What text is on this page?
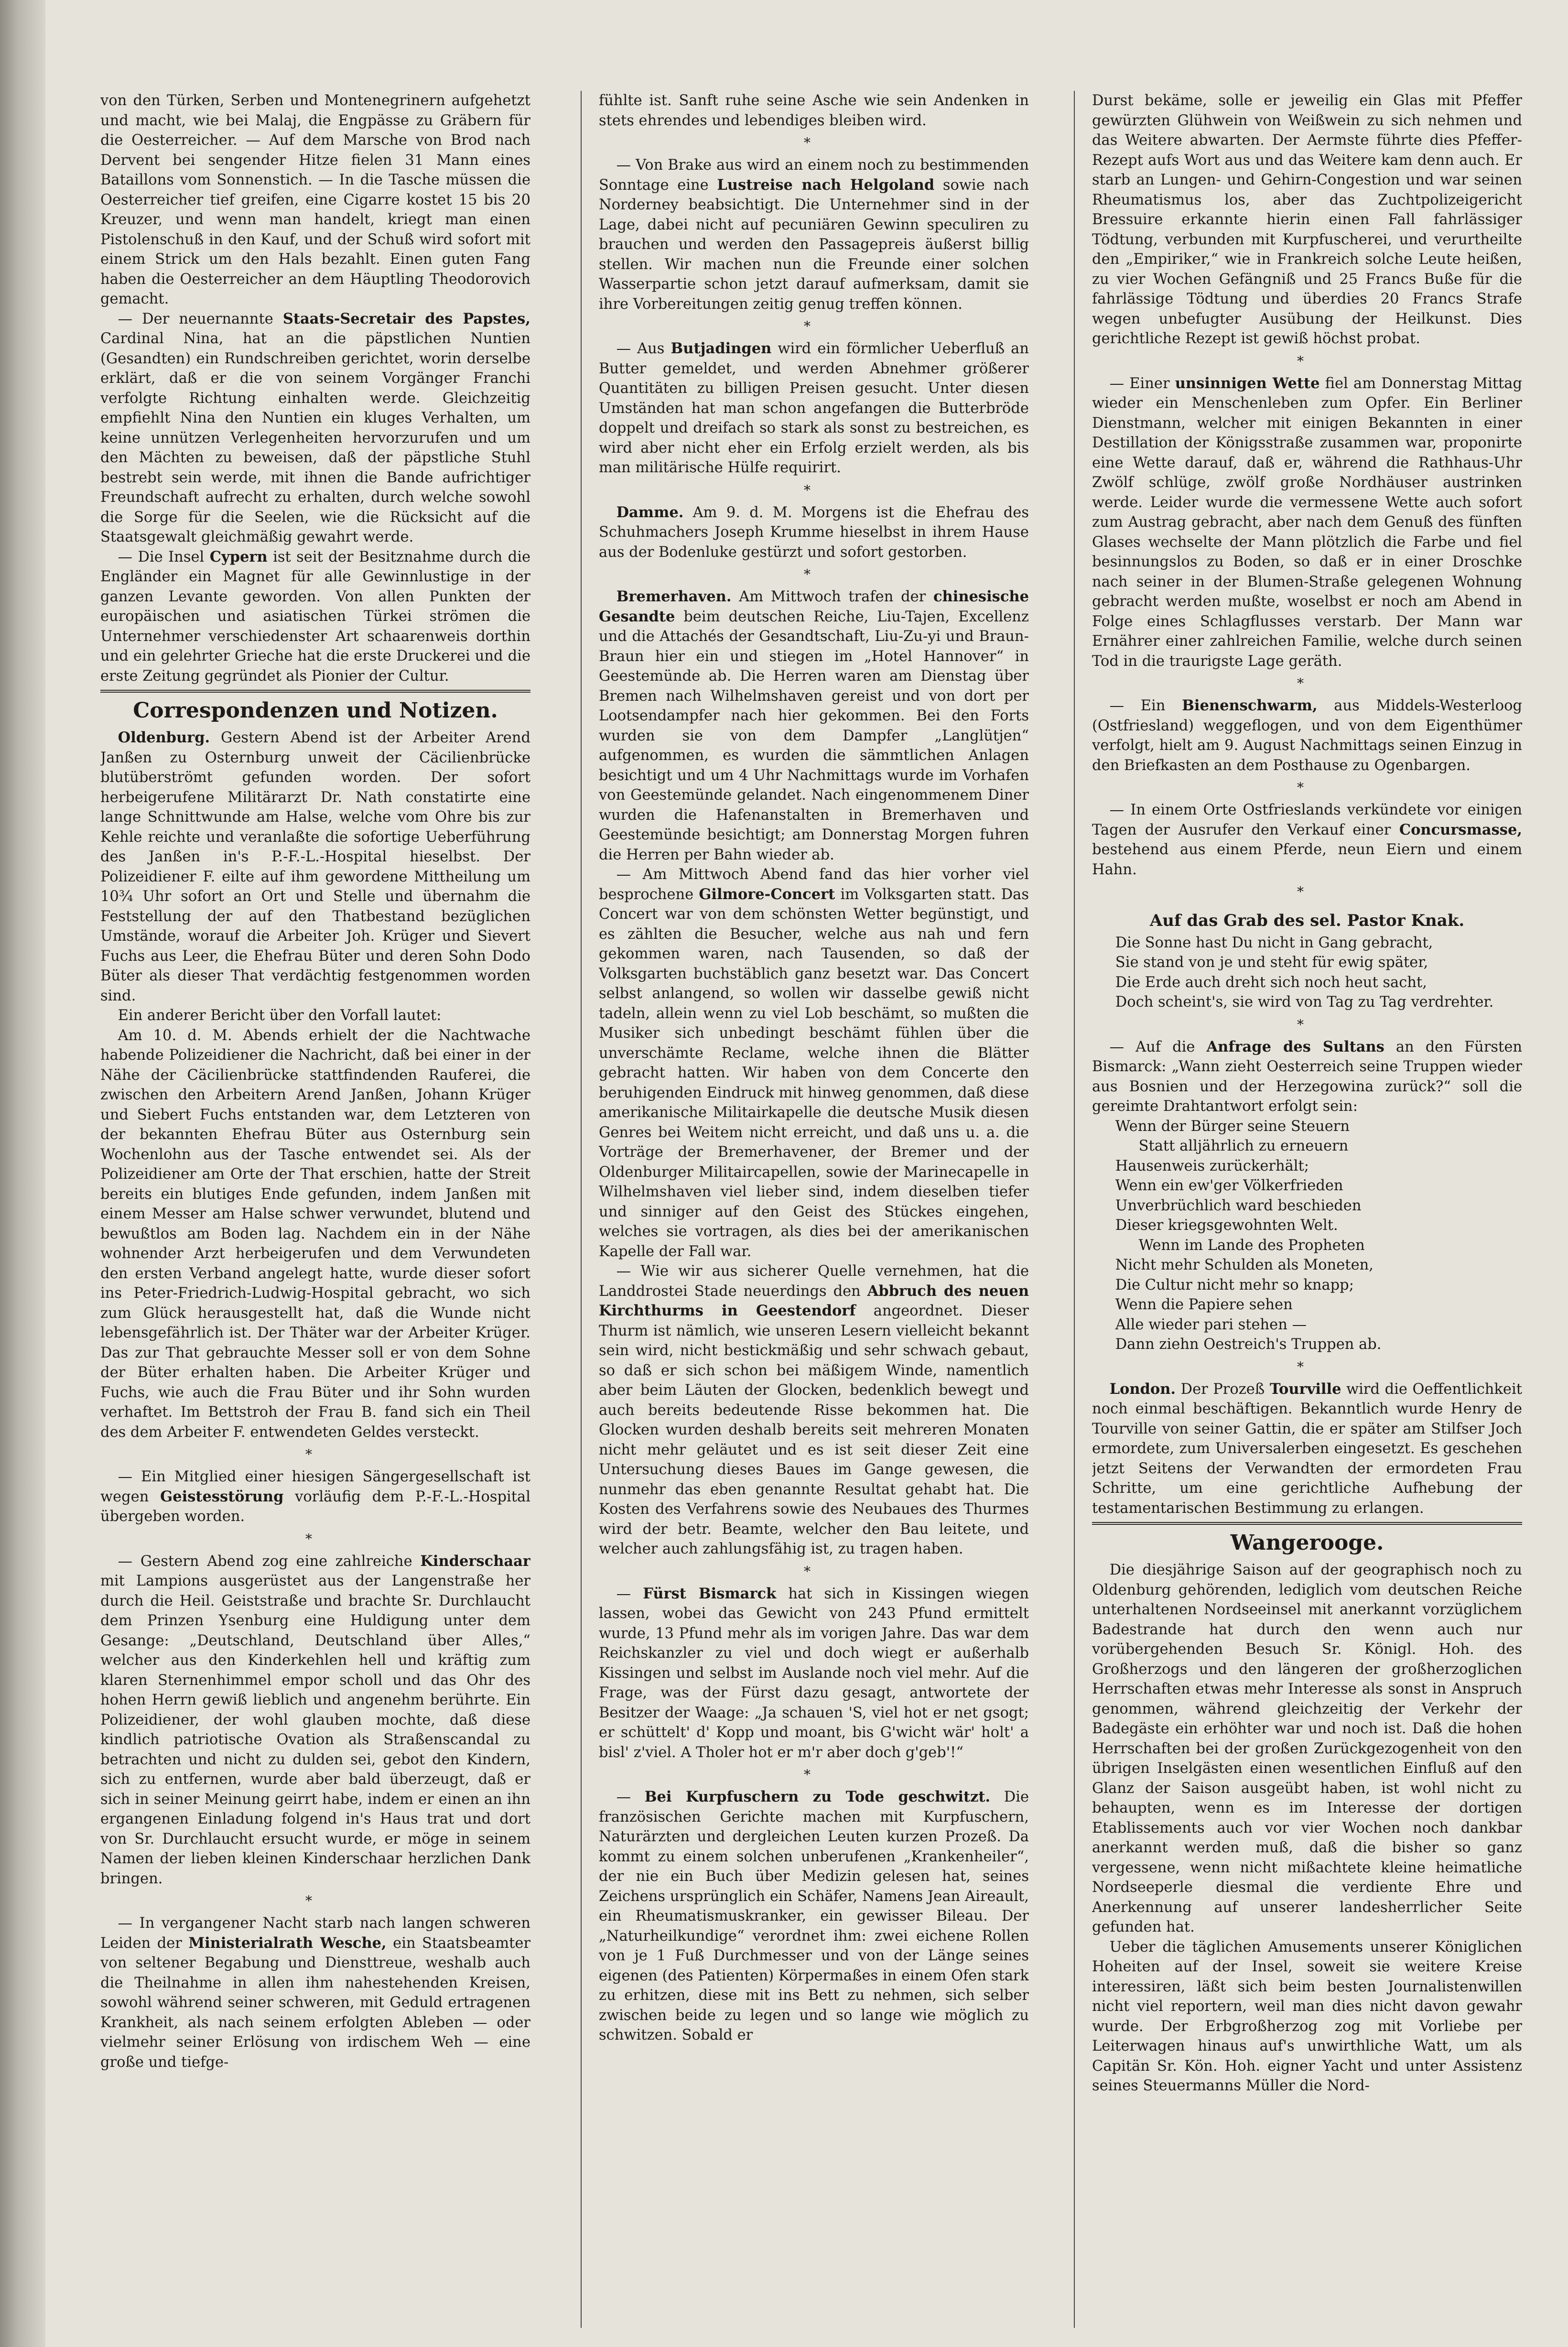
von den Türken, Serben und Montenegrinern aufgehetzt und macht, wie bei Malaj, die Engpässe zu Gräbern für die Oesterreicher. — Auf dem Marsche von Brod nach Dervent bei sengender Hitze fielen 31 Mann eines Bataillons vom Sonnenstich. — In die Tasche müssen die Oesterreicher tief greifen, eine Cigarre kostet 15 bis 20 Kreuzer, und wenn man handelt, kriegt man einen Pistolenschuß in den Kauf, und der Schuß wird sofort mit einem Strick um den Hals bezahlt. Einen guten Fang haben die Oesterreicher an dem Häuptling Theodorovich gemacht.

— Der neuernannte Staats-Secretair des Papstes, Cardinal Nina, hat an die päpstlichen Nuntien (Gesandten) ein Rundschreiben gerichtet, worin derselbe erklärt, daß er die von seinem Vorgänger Franchi verfolgte Richtung einhalten werde. Gleichzeitig empfiehlt Nina den Nuntien ein kluges Verhalten, um keine unnützen Verlegenheiten hervorzurufen und um den Mächten zu beweisen, daß der päpstliche Stuhl bestrebt sein werde, mit ihnen die Bande aufrichtiger Freundschaft aufrecht zu erhalten, durch welche sowohl die Sorge für die Seelen, wie die Rücksicht auf die Staatsgewalt gleichmäßig gewahrt werde.

— Die Insel Cypern ist seit der Besitznahme durch die Engländer ein Magnet für alle Gewinnlustige in der ganzen Levante geworden. Von allen Punkten der europäischen und asiatischen Türkei strömen die Unternehmer verschiedenster Art schaarenweis dorthin und ein gelehrter Grieche hat die erste Druckerei und die erste Zeitung gegründet als Pionier der Cultur.

Correspondenzen und Notizen.

Oldenburg. Gestern Abend ist der Arbeiter Arend Janßen zu Osternburg unweit der Cäcilienbrücke blutüberströmt gefunden worden. Der sofort herbeigerufene Militärarzt Dr. Nath constatirte eine lange Schnittwunde am Halse, welche vom Ohre bis zur Kehle reichte und veranlaßte die sofortige Ueberführung des Janßen in's P.-F.-L.-Hospital hieselbst. Der Polizeidiener F. eilte auf ihm gewordene Mittheilung um 10¾ Uhr sofort an Ort und Stelle und übernahm die Feststellung der auf den Thatbestand bezüglichen Umstände, worauf die Arbeiter Joh. Krüger und Sievert Fuchs aus Leer, die Ehefrau Büter und deren Sohn Dodo Büter als dieser That verdächtig festgenommen worden sind.

Ein anderer Bericht über den Vorfall lautet:

Am 10. d. M. Abends erhielt der die Nachtwache habende Polizeidiener die Nachricht, daß bei einer in der Nähe der Cäcilienbrücke stattfindenden Rauferei, die zwischen den Arbeitern Arend Janßen, Johann Krüger und Siebert Fuchs entstanden war, dem Letzteren von der bekannten Ehefrau Büter aus Osternburg sein Wochenlohn aus der Tasche entwendet sei. Als der Polizeidiener am Orte der That erschien, hatte der Streit bereits ein blutiges Ende gefunden, indem Janßen mit einem Messer am Halse schwer verwundet, blutend und bewußtlos am Boden lag. Nachdem ein in der Nähe wohnender Arzt herbeigerufen und dem Verwundeten den ersten Verband angelegt hatte, wurde dieser sofort ins Peter-Friedrich-Ludwig-Hospital gebracht, wo sich zum Glück herausgestellt hat, daß die Wunde nicht lebensgefährlich ist. Der Thäter war der Arbeiter Krüger. Das zur That gebrauchte Messer soll er von dem Sohne der Büter erhalten haben. Die Arbeiter Krüger und Fuchs, wie auch die Frau Büter und ihr Sohn wurden verhaftet. Im Bettstroh der Frau B. fand sich ein Theil des dem Arbeiter F. entwendeten Geldes versteckt.

*

— Ein Mitglied einer hiesigen Sängergesellschaft ist wegen Geistesstörung vorläufig dem P.-F.-L.-Hospital übergeben worden.

*

— Gestern Abend zog eine zahlreiche Kinderschaar mit Lampions ausgerüstet aus der Langenstraße her durch die Heil. Geiststraße und brachte Sr. Durchlaucht dem Prinzen Ysenburg eine Huldigung unter dem Gesange: „Deutschland, Deutschland über Alles,“ welcher aus den Kinderkehlen hell und kräftig zum klaren Sternenhimmel empor scholl und das Ohr des hohen Herrn gewiß lieblich und angenehm berührte. Ein Polizeidiener, der wohl glauben mochte, daß diese kindlich patriotische Ovation als Straßenscandal zu betrachten und nicht zu dulden sei, gebot den Kindern, sich zu entfernen, wurde aber bald überzeugt, daß er sich in seiner Meinung geirrt habe, indem er einen an ihn ergangenen Einladung folgend in's Haus trat und dort von Sr. Durchlaucht ersucht wurde, er möge in seinem Namen der lieben kleinen Kinderschaar herzlichen Dank bringen.

*

— In vergangener Nacht starb nach langen schweren Leiden der Ministerialrath Wesche, ein Staatsbeamter von seltener Begabung und Diensttreue, weshalb auch die Theilnahme in allen ihm nahestehenden Kreisen, sowohl während seiner schweren, mit Geduld ertragenen Krankheit, als nach seinem erfolgten Ableben — oder vielmehr seiner Erlösung von irdischem Weh — eine große und tiefge-

fühlte ist. Sanft ruhe seine Asche wie sein Andenken in stets ehrendes und lebendiges bleiben wird.

*

— Von Brake aus wird an einem noch zu bestimmenden Sonntage eine Lustreise nach Helgoland sowie nach Norderney beabsichtigt. Die Unternehmer sind in der Lage, dabei nicht auf pecuniären Gewinn speculiren zu brauchen und werden den Passagepreis äußerst billig stellen. Wir machen nun die Freunde einer solchen Wasserpartie schon jetzt darauf aufmerksam, damit sie ihre Vorbereitungen zeitig genug treffen können.

*

— Aus Butjadingen wird ein förmlicher Ueberfluß an Butter gemeldet, und werden Abnehmer größerer Quantitäten zu billigen Preisen gesucht. Unter diesen Umständen hat man schon angefangen die Butterbröde doppelt und dreifach so stark als sonst zu bestreichen, es wird aber nicht eher ein Erfolg erzielt werden, als bis man militärische Hülfe requirirt.

*

Damme. Am 9. d. M. Morgens ist die Ehefrau des Schuhmachers Joseph Krumme hieselbst in ihrem Hause aus der Bodenluke gestürzt und sofort gestorben.

*

Bremerhaven. Am Mittwoch trafen der chinesische Gesandte beim deutschen Reiche, Liu-Tajen, Excellenz und die Attachés der Gesandtschaft, Liu-Zu-yi und Braun-Braun hier ein und stiegen im „Hotel Hannover“ in Geestemünde ab. Die Herren waren am Dienstag über Bremen nach Wilhelmshaven gereist und von dort per Lootsendampfer nach hier gekommen. Bei den Forts wurden sie von dem Dampfer „Langlütjen“ aufgenommen, es wurden die sämmtlichen Anlagen besichtigt und um 4 Uhr Nachmittags wurde im Vorhafen von Geestemünde gelandet. Nach eingenommenem Diner wurden die Hafenanstalten in Bremerhaven und Geestemünde besichtigt; am Donnerstag Morgen fuhren die Herren per Bahn wieder ab.

— Am Mittwoch Abend fand das hier vorher viel besprochene Gilmore-Concert im Volksgarten statt. Das Concert war von dem schönsten Wetter begünstigt, und es zählten die Besucher, welche aus nah und fern gekommen waren, nach Tausenden, so daß der Volksgarten buchstäblich ganz besetzt war. Das Concert selbst anlangend, so wollen wir dasselbe gewiß nicht tadeln, allein wenn zu viel Lob beschämt, so mußten die Musiker sich unbedingt beschämt fühlen über die unverschämte Reclame, welche ihnen die Blätter gebracht hatten. Wir haben von dem Concerte den beruhigenden Eindruck mit hinweg genommen, daß diese amerikanische Militairkapelle die deutsche Musik diesen Genres bei Weitem nicht erreicht, und daß uns u. a. die Vorträge der Bremerhavener, der Bremer und der Oldenburger Militaircapellen, sowie der Marinecapelle in Wilhelmshaven viel lieber sind, indem dieselben tiefer und sinniger auf den Geist des Stückes eingehen, welches sie vortragen, als dies bei der amerikanischen Kapelle der Fall war.

— Wie wir aus sicherer Quelle vernehmen, hat die Landdrostei Stade neuerdings den Abbruch des neuen Kirchthurms in Geestendorf angeordnet. Dieser Thurm ist nämlich, wie unseren Lesern vielleicht bekannt sein wird, nicht bestickmäßig und sehr schwach gebaut, so daß er sich schon bei mäßigem Winde, namentlich aber beim Läuten der Glocken, bedenklich bewegt und auch bereits bedeutende Risse bekommen hat. Die Glocken wurden deshalb bereits seit mehreren Monaten nicht mehr geläutet und es ist seit dieser Zeit eine Untersuchung dieses Baues im Gange gewesen, die nunmehr das eben genannte Resultat gehabt hat. Die Kosten des Verfahrens sowie des Neubaues des Thurmes wird der betr. Beamte, welcher den Bau leitete, und welcher auch zahlungsfähig ist, zu tragen haben.

*

— Fürst Bismarck hat sich in Kissingen wiegen lassen, wobei das Gewicht von 243 Pfund ermittelt wurde, 13 Pfund mehr als im vorigen Jahre. Das war dem Reichskanzler zu viel und doch wiegt er außerhalb Kissingen und selbst im Auslande noch viel mehr. Auf die Frage, was der Fürst dazu gesagt, antwortete der Besitzer der Waage: „Ja schauen 'S, viel hot er net gsogt; er schüttelt' d' Kopp und moant, bis G'wicht wär' holt' a bisl' z'viel. A Tholer hot er m'r aber doch g'geb'!“

*

— Bei Kurpfuschern zu Tode geschwitzt. Die französischen Gerichte machen mit Kurpfuschern, Naturärzten und dergleichen Leuten kurzen Prozeß. Da kommt zu einem solchen unberufenen „Krankenheiler“, der nie ein Buch über Medizin gelesen hat, seines Zeichens ursprünglich ein Schäfer, Namens Jean Aireault, ein Rheumatismuskranker, ein gewisser Bileau. Der „Naturheilkundige“ verordnet ihm: zwei eichene Rollen von je 1 Fuß Durchmesser und von der Länge seines eigenen (des Patienten) Körpermaßes in einem Ofen stark zu erhitzen, diese mit ins Bett zu nehmen, sich selber zwischen beide zu legen und so lange wie möglich zu schwitzen. Sobald er

Durst bekäme, solle er jeweilig ein Glas mit Pfeffer gewürzten Glühwein von Weißwein zu sich nehmen und das Weitere abwarten. Der Aermste führte dies Pfeffer-Rezept aufs Wort aus und das Weitere kam denn auch. Er starb an Lungen- und Gehirn-Congestion und war seinen Rheumatismus los, aber das Zuchtpolizeigericht Bressuire erkannte hierin einen Fall fahrlässiger Tödtung, verbunden mit Kurpfuscherei, und verurtheilte den „Empiriker,“ wie in Frankreich solche Leute heißen, zu vier Wochen Gefängniß und 25 Francs Buße für die fahrlässige Tödtung und überdies 20 Francs Strafe wegen unbefugter Ausübung der Heilkunst. Dies gerichtliche Rezept ist gewiß höchst probat.

*

— Einer unsinnigen Wette fiel am Donnerstag Mittag wieder ein Menschenleben zum Opfer. Ein Berliner Dienstmann, welcher mit einigen Bekannten in einer Destillation der Königsstraße zusammen war, proponirte eine Wette darauf, daß er, während die Rathhaus-Uhr Zwölf schlüge, zwölf große Nordhäuser austrinken werde. Leider wurde die vermessene Wette auch sofort zum Austrag gebracht, aber nach dem Genuß des fünften Glases wechselte der Mann plötzlich die Farbe und fiel besinnungslos zu Boden, so daß er in einer Droschke nach seiner in der Blumen-Straße gelegenen Wohnung gebracht werden mußte, woselbst er noch am Abend in Folge eines Schlagflusses verstarb. Der Mann war Ernährer einer zahlreichen Familie, welche durch seinen Tod in die traurigste Lage geräth.

*

— Ein Bienenschwarm, aus Middels-Westerloog (Ostfriesland) weggeflogen, und von dem Eigenthümer verfolgt, hielt am 9. August Nachmittags seinen Einzug in den Briefkasten an dem Posthause zu Ogenbargen.

*

— In einem Orte Ostfrieslands verkündete vor einigen Tagen der Ausrufer den Verkauf einer Concursmasse, bestehend aus einem Pferde, neun Eiern und einem Hahn.

*

Auf das Grab des sel. Pastor Knak.

Die Sonne hast Du nicht in Gang gebracht,

Sie stand von je und steht für ewig später,

Die Erde auch dreht sich noch heut sacht,

Doch scheint's, sie wird von Tag zu Tag verdrehter.

*

— Auf die Anfrage des Sultans an den Fürsten Bismarck: „Wann zieht Oesterreich seine Truppen wieder aus Bosnien und der Herzegowina zurück?“ soll die gereimte Drahtantwort erfolgt sein:

Wenn der Bürger seine Steuern

Statt alljährlich zu erneuern

Hausenweis zurückerhält;

Wenn ein ew'ger Völkerfrieden

Unverbrüchlich ward beschieden

Dieser kriegsgewohnten Welt.

Wenn im Lande des Propheten

Nicht mehr Schulden als Moneten,

Die Cultur nicht mehr so knapp;

Wenn die Papiere sehen

Alle wieder pari stehen —

Dann ziehn Oestreich's Truppen ab.

*

London. Der Prozeß Tourville wird die Oeffentlichkeit noch einmal beschäftigen. Bekanntlich wurde Henry de Tourville von seiner Gattin, die er später am Stilfser Joch ermordete, zum Universalerben eingesetzt. Es geschehen jetzt Seitens der Verwandten der ermordeten Frau Schritte, um eine gerichtliche Aufhebung der testamentarischen Bestimmung zu erlangen.

Wangerooge.

Die diesjährige Saison auf der geographisch noch zu Oldenburg gehörenden, lediglich vom deutschen Reiche unterhaltenen Nordseeinsel mit anerkannt vorzüglichem Badestrande hat durch den wenn auch nur vorübergehenden Besuch Sr. Königl. Hoh. des Großherzogs und den längeren der großherzoglichen Herrschaften etwas mehr Interesse als sonst in Anspruch genommen, während gleichzeitig der Verkehr der Badegäste ein erhöhter war und noch ist. Daß die hohen Herrschaften bei der großen Zurückgezogenheit von den übrigen Inselgästen einen wesentlichen Einfluß auf den Glanz der Saison ausgeübt haben, ist wohl nicht zu behaupten, wenn es im Interesse der dortigen Etablissements auch vor vier Wochen noch dankbar anerkannt werden muß, daß die bisher so ganz vergessene, wenn nicht mißachtete kleine heimatliche Nordseeperle diesmal die verdiente Ehre und Anerkennung auf unserer landesherrlicher Seite gefunden hat.

Ueber die täglichen Amusements unserer Königlichen Hoheiten auf der Insel, soweit sie weitere Kreise interessiren, läßt sich beim besten Journalistenwillen nicht viel reportern, weil man dies nicht davon gewahr wurde. Der Erbgroßherzog zog mit Vorliebe per Leiterwagen hinaus auf's unwirthliche Watt, um als Capitän Sr. Kön. Hoh. eigner Yacht und unter Assistenz seines Steuermanns Müller die Nord-
